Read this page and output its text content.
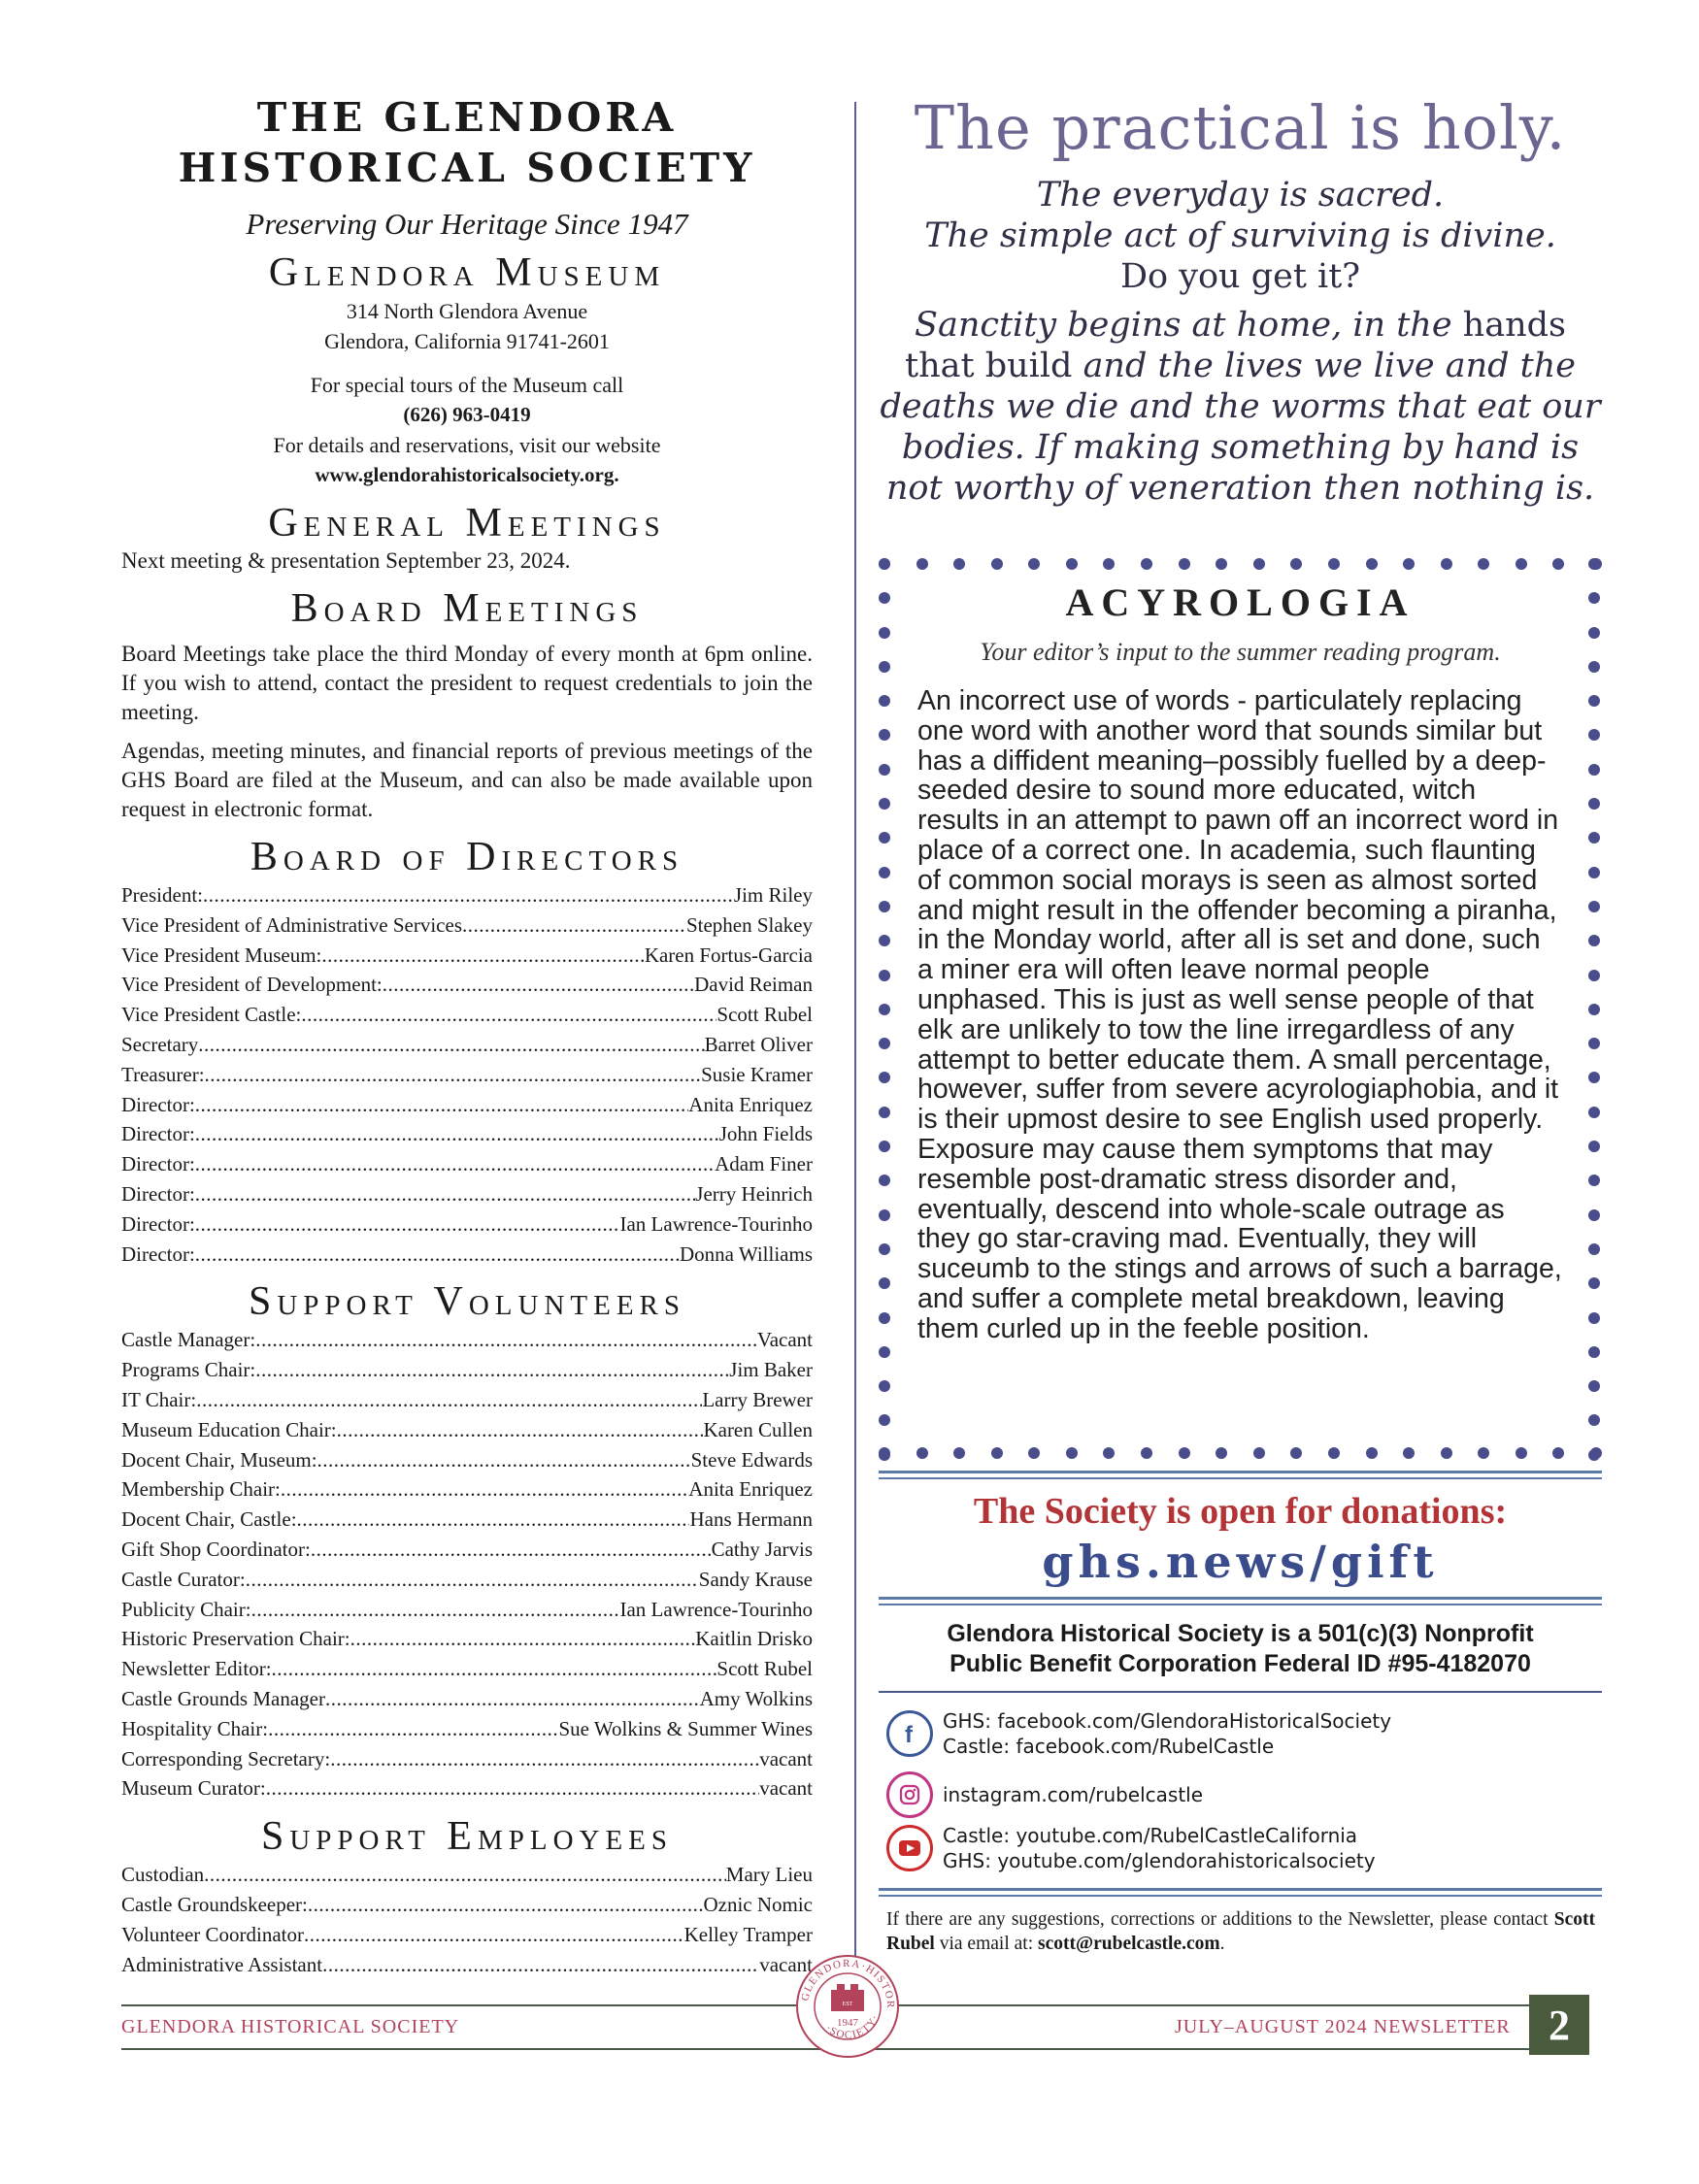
THE GLENDORA

HISTORICAL SOCIETY

Preserving Our Heritage Since 1947

Glendora Museum

314 North Glendora Avenue

Glendora, California 91741-2601

For special tours of the Museum call

(626) 963-0419

For details and reservations, visit our website

www.glendorahistoricalsociety.org.

General Meetings

Next meeting & presentation September 23, 2024.

Board Meetings

Board Meetings take place the third Monday of every month at 6pm online. If you wish to attend, contact the president to request credentials to join the meeting.

Agendas, meeting minutes, and financial reports of previous meetings of the GHS Board are filed at the Museum, and can also be made available upon request in electronic format.

Board of Directors

President: .....	Jim Riley
Vice President of Administrative Services .....	Stephen Slakey
Vice President Museum: .....	Karen Fortus-Garcia
Vice President of Development: .....	David Reiman
Vice President Castle: .....	Scott Rubel
Secretary .....	Barret Oliver
Treasurer: .....	Susie Kramer
Director: .....	Anita Enriquez
Director: .....	John Fields
Director: .....	Adam Finer
Director: .....	Jerry Heinrich
Director: .....	Ian Lawrence-Tourinho
Director: .....	Donna Williams

Support Volunteers

Castle Manager: .....	Vacant
Programs Chair: .....	Jim Baker
IT Chair: .....	Larry Brewer
Museum Education Chair: .....	Karen Cullen
Docent Chair, Museum: .....	Steve Edwards
Membership Chair: .....	Anita Enriquez
Docent Chair, Castle: .....	Hans Hermann
Gift Shop Coordinator: .....	Cathy Jarvis
Castle Curator: .....	Sandy Krause
Publicity Chair: .....	Ian Lawrence-Tourinho
Historic Preservation Chair: .....	Kaitlin Drisko
Newsletter Editor: .....	Scott Rubel
Castle Grounds Manager .....	Amy Wolkins
Hospitality Chair: .....	Sue Wolkins & Summer Wines
Corresponding Secretary: .....	vacant
Museum Curator: .....	vacant

Support Employees

Custodian .....	Mary Lieu
Castle Groundskeeper: .....	Oznic Nomic
Volunteer Coordinator .....	Kelley Tramper
Administrative Assistant .....	vacant

The practical is holy.

The everyday is sacred.

The simple act of surviving is divine.

Do you get it?

Sanctity begins at home, in the hands that build and the lives we live and the deaths we die and the worms that eat our bodies. If making something by hand is not worthy of veneration then nothing is.

ACYROLOGIA

Your editor’s input to the summer reading program.

An incorrect use of words - particulately replacing one word with another word that sounds similar but has a diffident meaning–possibly fuelled by a deep-seeded desire to sound more educated, witch results in an attempt to pawn off an incorrect word in place of a correct one. In academia, such flaunting of common social morays is seen as almost sorted and might result in the offender becoming a piranha, in the Monday world, after all is set and done, such a miner era will often leave normal people unphased. This is just as well sense people of that elk are unlikely to tow the line irregardless of any attempt to better educate them. A small percentage, however, suffer from severe acyrologiaphobia, and it is their upmost desire to see English used properly. Exposure may cause them symptoms that may resemble post-dramatic stress disorder and, eventually, descend into whole-scale outrage as they go star-craving mad. Eventually, they will suceumb to the stings and arrows of such a barrage, and suffer a complete metal breakdown, leaving them curled up in the feeble position.

The Society is open for donations:

ghs.news/gift

Glendora Historical Society is a 501(c)(3) Nonprofit
Public Benefit Corporation Federal ID #95-4182070
f
GHS: facebook.com/GlendoraHistoricalSociety
Castle: facebook.com/RubelCastle
instagram.com/rubelcastle
Castle: youtube.com/RubelCastleCalifornia
GHS: youtube.com/glendorahistoricalsociety

If there are any suggestions, corrections or additions to the Newsletter, please contact Scott Rubel via email at: scott@rubelcastle.com.

GLENDORA HISTORICAL SOCIETY	JULY–AUGUST 2024 NEWSLETTER 2
GLENDORA·HISTOR
·SOCIETY·
EST
1947
